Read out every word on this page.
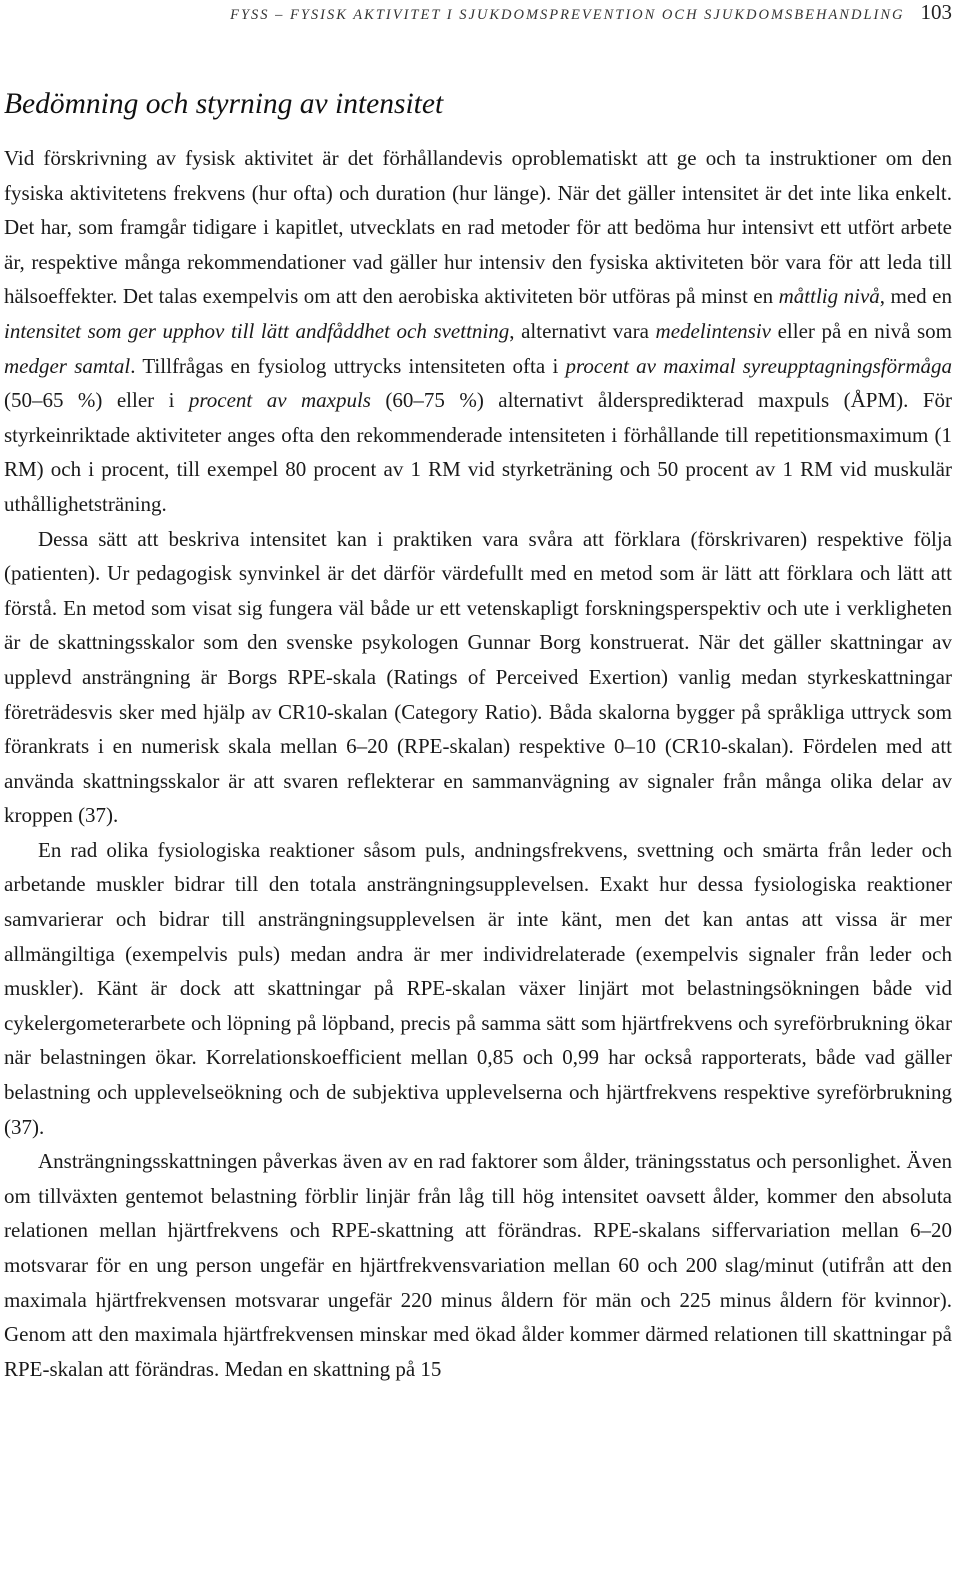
FYSS – FYSISK AKTIVITET I SJUKDOMSPREVENTION OCH SJUKDOMSBEHANDLING 103
Bedömning och styrning av intensitet

Vid förskrivning av fysisk aktivitet är det förhållandevis oproblematiskt att ge och ta instruktioner om den fysiska aktivitetens frekvens (hur ofta) och duration (hur länge). När det gäller intensitet är det inte lika enkelt. Det har, som framgår tidigare i kapitlet, utvecklats en rad metoder för att bedöma hur intensivt ett utfört arbete är, respektive många rekommendationer vad gäller hur intensiv den fysiska aktiviteten bör vara för att leda till hälsoeffekter. Det talas exempelvis om att den aerobiska aktiviteten bör utföras på minst en måttlig nivå, med en intensitet som ger upphov till lätt andfåddhet och svettning, alternativt vara medelintensiv eller på en nivå som medger samtal. Tillfrågas en fysiolog uttrycks intensiteten ofta i procent av maximal syreupptagningsförmåga (50–65 %) eller i procent av maxpuls (60–75 %) alternativt ålderspredikterad maxpuls (ÅPM). För styrkeinriktade aktiviteter anges ofta den rekommenderade intensiteten i förhållande till repetitionsmaximum (1 RM) och i procent, till exempel 80 procent av 1 RM vid styrketräning och 50 procent av 1 RM vid muskulär uthållighetsträning.

Dessa sätt att beskriva intensitet kan i praktiken vara svåra att förklara (förskrivaren) respektive följa (patienten). Ur pedagogisk synvinkel är det därför värdefullt med en metod som är lätt att förklara och lätt att förstå. En metod som visat sig fungera väl både ur ett vetenskapligt forskningsperspektiv och ute i verkligheten är de skattningsskalor som den svenske psykologen Gunnar Borg konstruerat. När det gäller skattningar av upplevd ansträngning är Borgs RPE-skala (Ratings of Perceived Exertion) vanlig medan styrkeskattningar företrädesvis sker med hjälp av CR10-skalan (Category Ratio). Båda skalorna bygger på språkliga uttryck som förankrats i en numerisk skala mellan 6–20 (RPE-skalan) respektive 0–10 (CR10-skalan). Fördelen med att använda skattningsskalor är att svaren reflekterar en sammanvägning av signaler från många olika delar av kroppen (37).

En rad olika fysiologiska reaktioner såsom puls, andningsfrekvens, svettning och smärta från leder och arbetande muskler bidrar till den totala ansträngningsupplevelsen. Exakt hur dessa fysiologiska reaktioner samvarierar och bidrar till ansträngningsupplevelsen är inte känt, men det kan antas att vissa är mer allmängiltiga (exempelvis puls) medan andra är mer individrelaterade (exempelvis signaler från leder och muskler). Känt är dock att skattningar på RPE-skalan växer linjärt mot belastningsökningen både vid cykelergometerarbete och löpning på löpband, precis på samma sätt som hjärtfrekvens och syreförbrukning ökar när belastningen ökar. Korrelationskoefficient mellan 0,85 och 0,99 har också rapporterats, både vad gäller belastning och upplevelseökning och de subjektiva upplevelserna och hjärtfrekvens respektive syreförbrukning (37).

Ansträngningsskattningen påverkas även av en rad faktorer som ålder, träningsstatus och personlighet. Även om tillväxten gentemot belastning förblir linjär från låg till hög intensitet oavsett ålder, kommer den absoluta relationen mellan hjärtfrekvens och RPE-skattning att förändras. RPE-skalans siffervariation mellan 6–20 motsvarar för en ung person ungefär en hjärtfrekvensvariation mellan 60 och 200 slag/minut (utifrån att den maximala hjärtfrekvensen motsvarar ungefär 220 minus åldern för män och 225 minus åldern för kvinnor). Genom att den maximala hjärtfrekvensen minskar med ökad ålder kommer därmed relationen till skattningar på RPE-skalan att förändras. Medan en skattning på 15
